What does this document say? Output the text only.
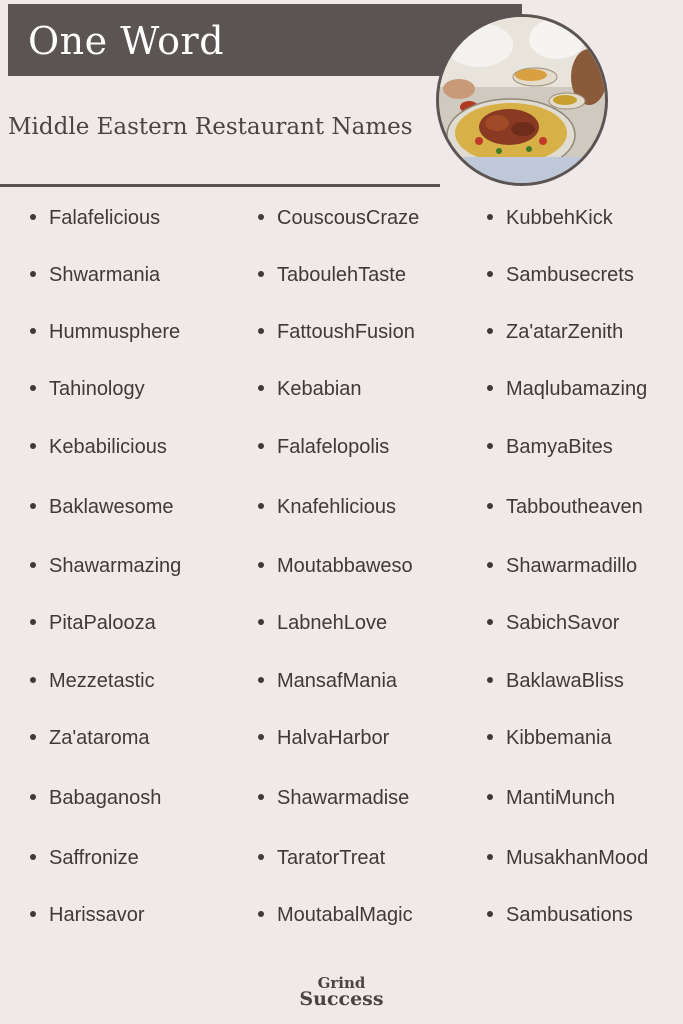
One Word
Middle Eastern Restaurant Names
Falafelicious
Shwarmania
Hummusphere
Tahinology
Kebabilicious
Baklawesome
Shawarmazing
PitaPalooza
Mezzetastic
Za'ataroma
Babaganosh
Saffronize
Harissavor
CouscousCraze
TaboulehTaste
FattoushFusion
Kebabian
Falafelopolis
Knafehlicious
Moutabbaweso
LabnehLove
MansafMania
HalvaHarbor
Shawarmadise
TaratorTreat
MoutabalMagic
KubbehKick
Sambusecrets
Za'atarZenith
Maqlubamazing
BamyaBites
Tabboutheaven
Shawarmadillo
SabichSavor
BaklawaBliss
Kibbemania
MantiMunch
MusakhanMood
Sambusations
Grind
Success
